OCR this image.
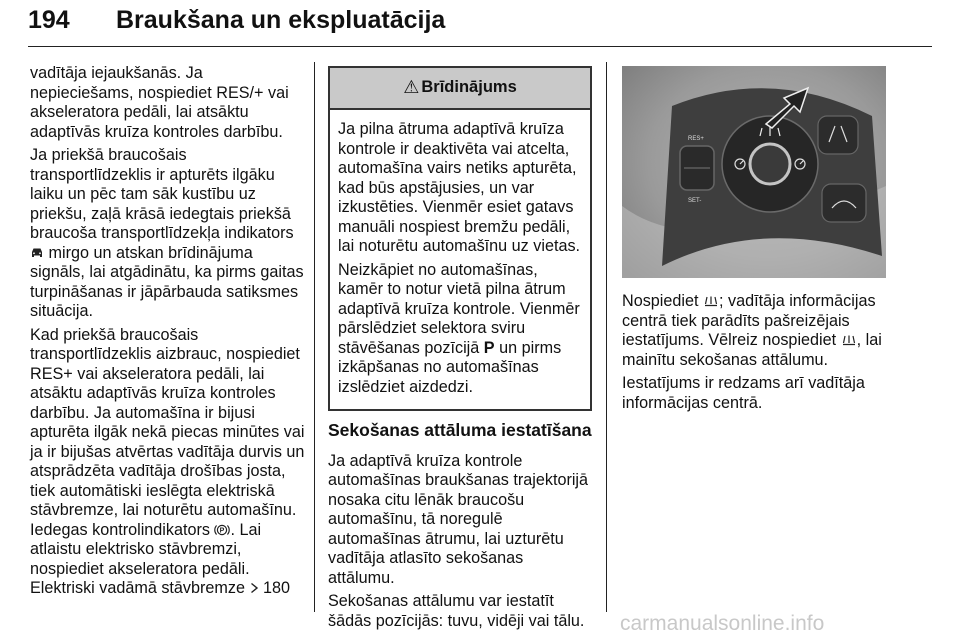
194 Braukšana un ekspluatācija

vadītāja iejaukšanās. Ja nepieciešams, nospiediet RES/+ vai akseleratora pedāli, lai atsāktu adaptīvās kruīza kontroles darbību.

Ja priekšā braucošais transportlīdzeklis ir apturēts ilgāku laiku un pēc tam sāk kustību uz priekšu, zaļā krāsā iedegtais priekšā braucoša transportlīdzekļa indikators  mirgo un atskan brīdinājuma signāls, lai atgādinātu, ka pirms gaitas turpināšanas ir jāpārbauda satiksmes situācija.

Kad priekšā braucošais transportlīdzeklis aizbrauc, nospiediet RES+ vai akseleratora pedāli, lai atsāktu adaptīvās kruīza kontroles darbību. Ja automašīna ir bijusi apturēta ilgāk nekā piecas minūtes vai ja ir bijušas atvērtas vadītāja durvis un atsprādzēta vadītāja drošības josta, tiek automātiski ieslēgta elektriskā stāvbremze, lai noturētu automašīnu. Iedegas kontrolindikators P . Lai atlaistu elektrisko stāvbremzi, nospiediet akseleratora pedāli. Elektriski vadāmā stāvbremze 180

⚠ Brīdinājums

Ja pilna ātruma adaptīvā kruīza kontrole ir deaktivēta vai atcelta, automašīna vairs netiks apturēta, kad būs apstājusies, un var izkustēties. Vienmēr esiet gatavs manuāli nospiest bremžu pedāli, lai noturētu automašīnu uz vietas.

Neizkāpiet no automašīnas, kamēr to notur vietā pilna ātrum adaptīvā kruīza kontrole. Vienmēr pārslēdziet selektora sviru stāvēšanas pozīcijā P un pirms izkāpšanas no automašīnas izslēdziet aizdedzi.

Sekošanas attāluma iestatīšana

Ja adaptīvā kruīza kontrole automašīnas braukšanas trajektorijā nosaka citu lēnāk braucošu automašīnu, tā noregulē automašīnas ātrumu, lai uzturētu vadītāja atlasīto sekošanas attālumu.

Sekošanas attālumu var iestatīt šādās pozīcijās: tuvu, vidēji vai tālu.

RES+
SET-

Nospiediet ; vadītāja informācijas centrā tiek parādīts pašreizējais iestatījums. Vēlreiz nospiediet , lai mainītu sekošanas attālumu.

Iestatījums ir redzams arī vadītāja informācijas centrā.

carmanualsonline.info
